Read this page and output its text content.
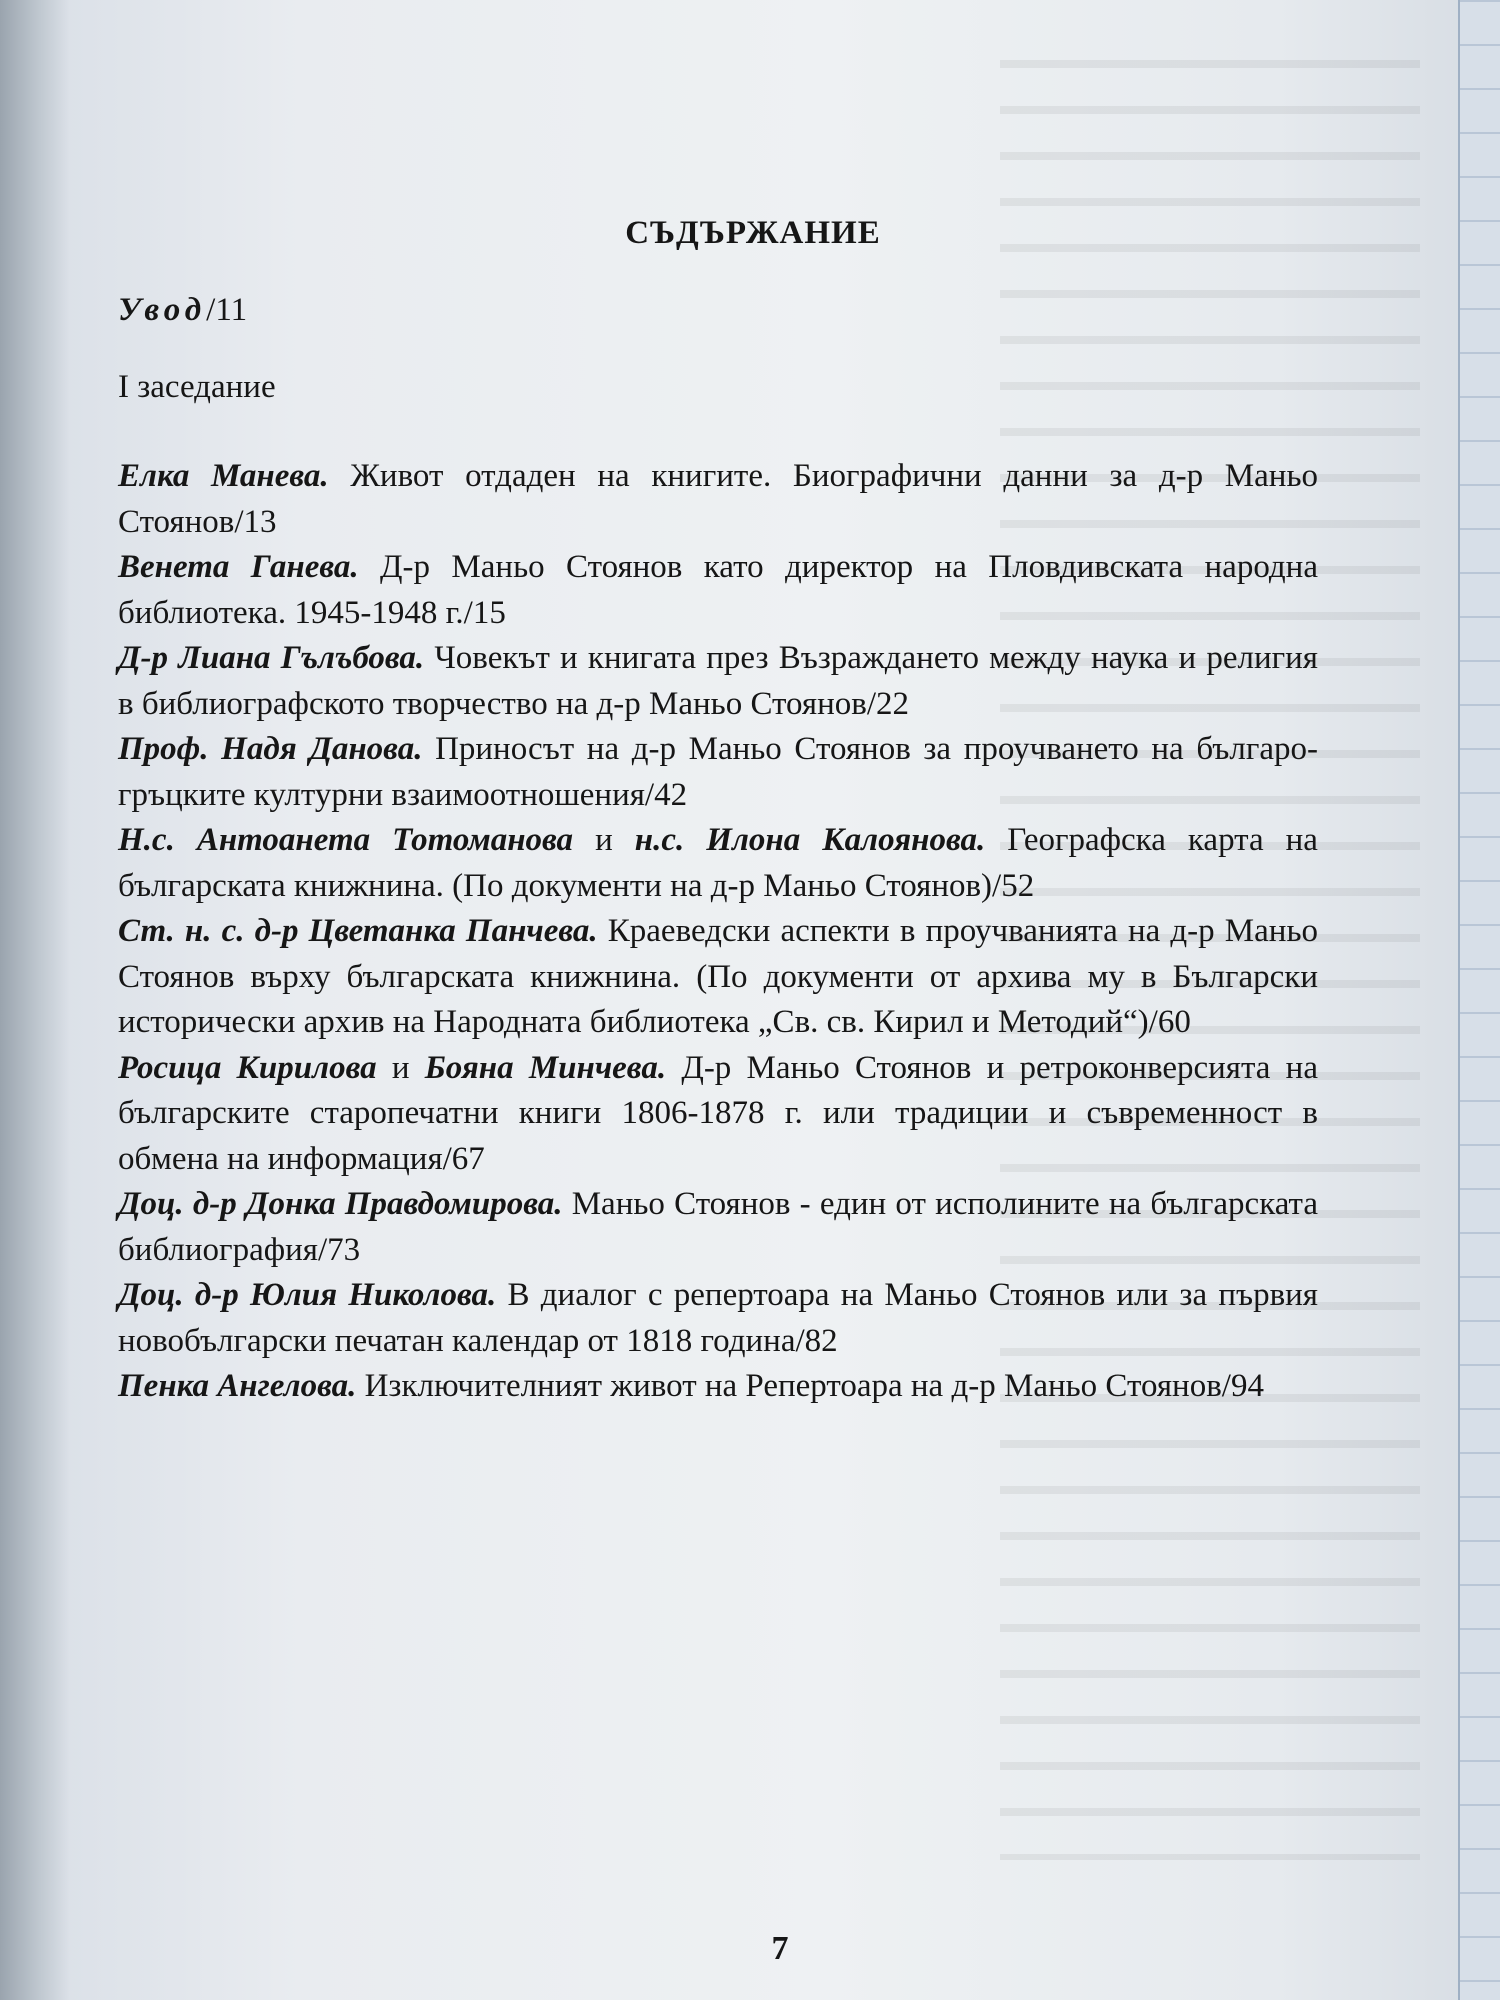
СЪДЪРЖАНИЕ
Увод/11
I заседание

Елка Манева. Живот отдаден на книгите. Биографични данни за д-р Маньо Стоянов/13

Венета Ганева. Д-р Маньо Стоянов като директор на Пловдивската народна библиотека. 1945-1948 г./15

Д-р Лиана Гълъбова. Човекът и книгата през Възраждането между наука и религия в библиографското творчество на д-р Маньо Стоянов/22

Проф. Надя Данова. Приносът на д-р Маньо Стоянов за проучването на българо-гръцките културни взаимоотношения/42

Н.с. Антоанета Тотоманова и н.с. Илона Калоянова. Географска карта на българската книжнина. (По документи на д-р Маньо Стоянов)/52

Ст. н. с. д-р Цветанка Панчева. Краеведски аспекти в проучванията на д-р Маньо Стоянов върху българската книжнина. (По документи от архива му в Български исторически архив на Народната библиотека „Св. св. Кирил и Методий“)/60

Росица Кирилова и Бояна Минчева. Д-р Маньо Стоянов и ретроконверсията на българските старопечатни книги 1806-1878 г. или традиции и съвременност в обмена на информация/67

Доц. д-р Донка Правдомирова. Маньо Стоянов - един от исполините на българската библиография/73

Доц. д-р Юлия Николова. В диалог с репертоара на Маньо Стоянов или за първия новобългарски печатан календар от 1818 година/82

Пенка Ангелова. Изключителният живот на Репертоара на д-р Маньо Стоянов/94

7
